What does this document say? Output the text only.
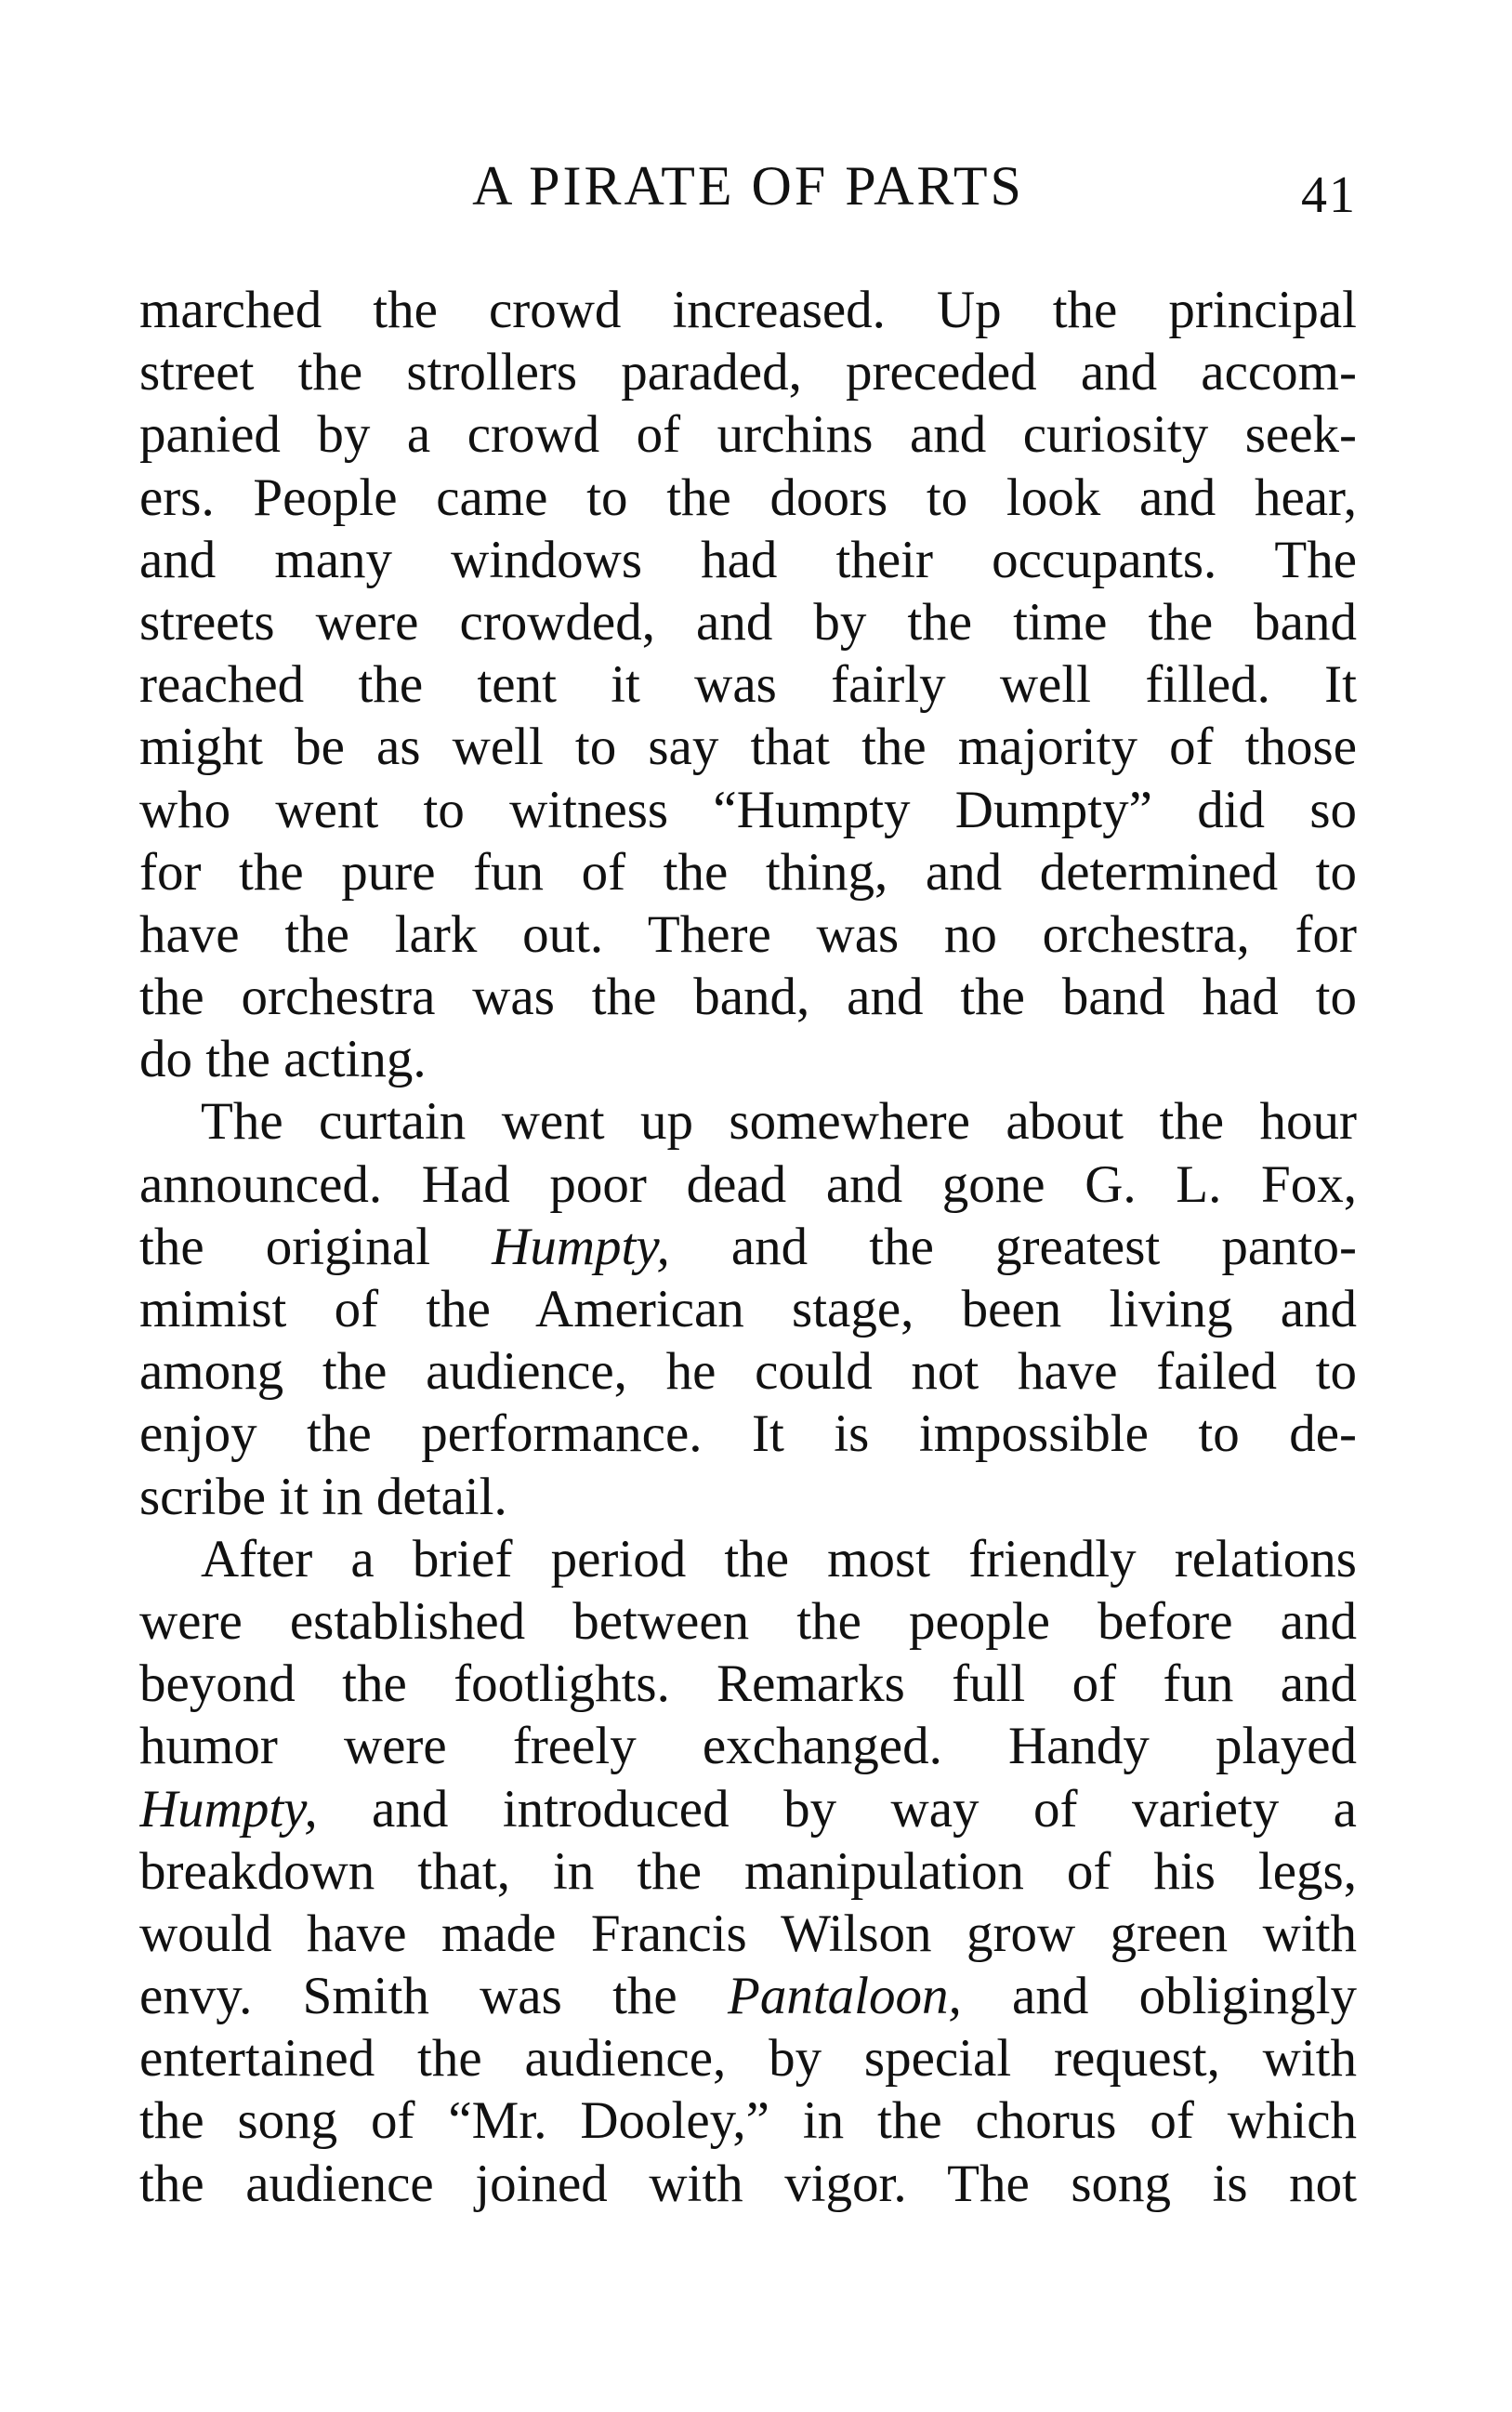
A PIRATE OF PARTS	41
marched the crowd increased. Up the principal
street the strollers paraded, preceded and accom-
panied by a crowd of urchins and curiosity seek-
ers. People came to the doors to look and hear,
and many windows had their occupants. The
streets were crowded, and by the time the band
reached the tent it was fairly well filled. It
might be as well to say that the majority of those
who went to witness “Humpty Dumpty” did so
for the pure fun of the thing, and determined to
have the lark out. There was no orchestra, for
the orchestra was the band, and the band had to
do the acting.
The curtain went up somewhere about the hour
announced. Had poor dead and gone G. L. Fox,
the original Humpty, and the greatest panto-
mimist of the American stage, been living and
among the audience, he could not have failed to
enjoy the performance. It is impossible to de-
scribe it in detail.
After a brief period the most friendly relations
were established between the people before and
beyond the footlights. Remarks full of fun and
humor were freely exchanged. Handy played
Humpty, and introduced by way of variety a
breakdown that, in the manipulation of his legs,
would have made Francis Wilson grow green with
envy. Smith was the Pantaloon, and obligingly
entertained the audience, by special request, with
the song of “Mr. Dooley,” in the chorus of which
the audience joined with vigor. The song is not
